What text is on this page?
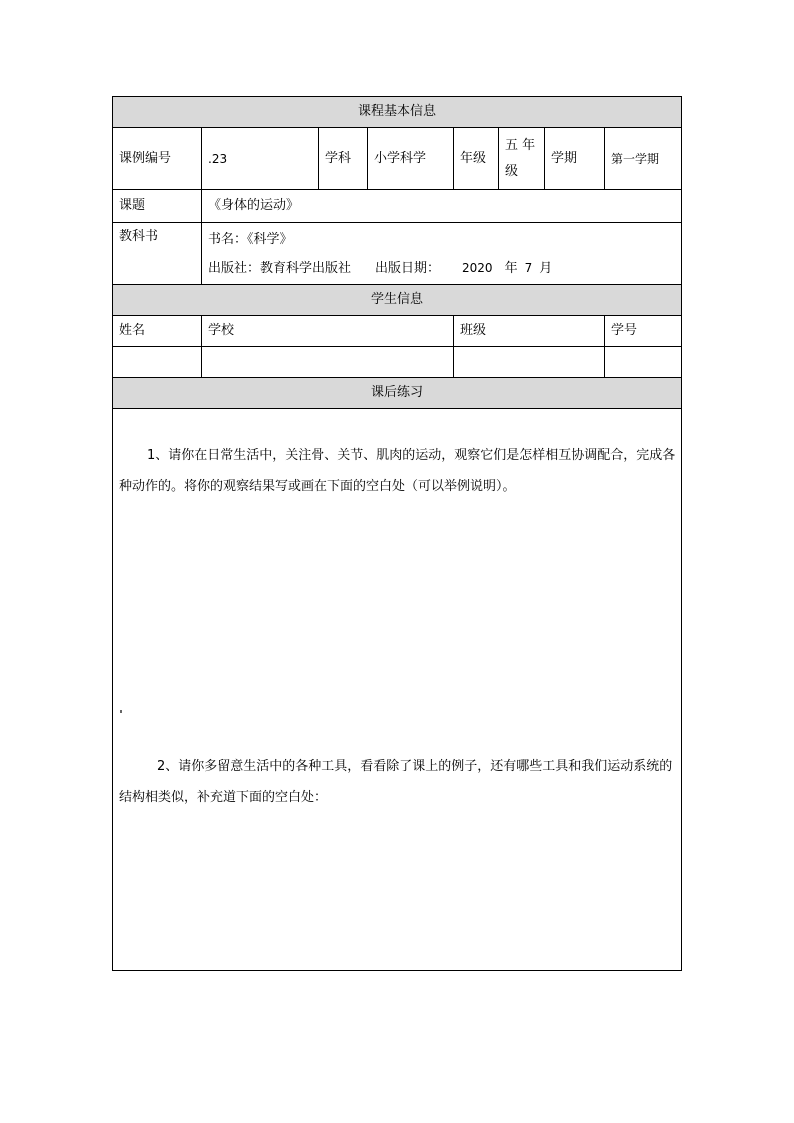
课程基本信息							
课例编号	.23	学科	小学科学	年级	五 年
级	学期	第一学期
课题	《身体的运动》						
教科书	书名：《科学》
出版社：教育科学出版社 出版日期： 2020 年 7 月						

学生信息							
姓名	学校			班级			学号

课后练习							

1、请你在日常生活中，关注骨、关节、肌肉的运动，观察它们是怎样相互协调配合，完成各种动作的。将你的观察结果写或画在下面的空白处（可以举例说明）。
2、请你多留意生活中的各种工具，看看除了课上的例子，还有哪些工具和我们运动系统的结构相类似，补充道下面的空白处：							
